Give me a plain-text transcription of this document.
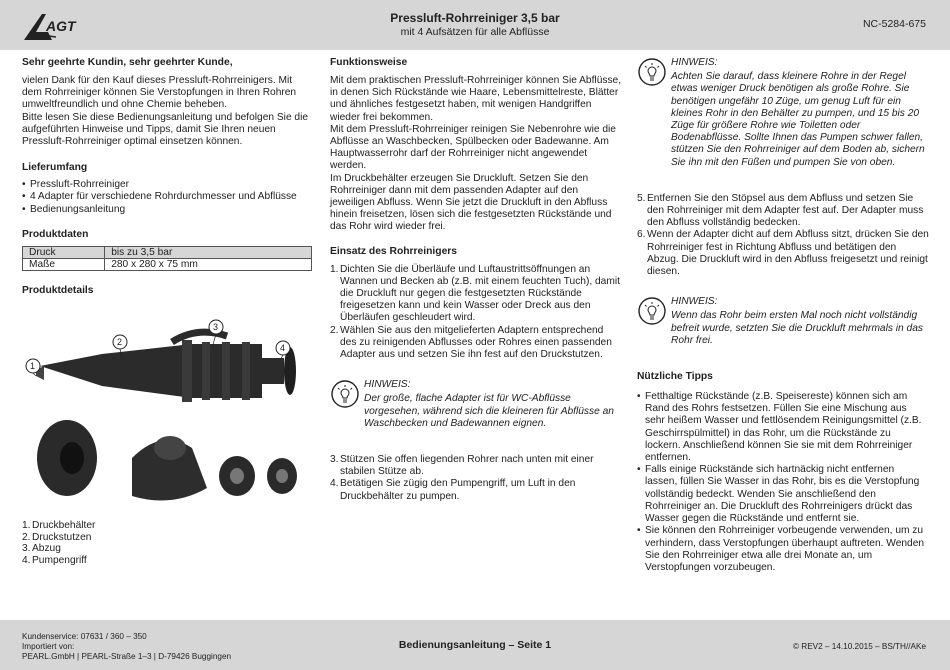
AGT	Pressluft-Rohrreiniger 3,5 bar
mit 4 Aufsätzen für alle Abflüsse
NC-5284-675
Sehr geehrte Kundin, sehr geehrter Kunde,

vielen Dank für den Kauf dieses Pressluft-Rohrreinigers. Mit dem Rohrreiniger können Sie Verstopfungen in Ihren Rohren umweltfreundlich und ohne Chemie beheben.
Bitte lesen Sie diese Bedienungsanleitung und befolgen Sie die aufgeführten Hinweise und Tipps, damit Sie Ihren neuen Pressluft-Rohrreiniger optimal einsetzen können.

Lieferumfang
• Pressluft-Rohrreiniger
• 4 Adapter für verschiedene Rohrdurchmesser und Abflüsse
• Bedienungsanleitung
Produktdaten
Druck	bis zu 3,5 bar
Maße	280 x 280 x 75 mm
Produktdetails
1
2
3
4
1. Druckbehälter
2. Druckstutzen
3. Abzug
4. Pumpengriff
Funktionsweise

Mit dem praktischen Pressluft-Rohrreiniger können Sie Abflüsse, in denen Sich Rückstände wie Haare, Lebensmittelreste, Blätter und ähnliches festgesetzt haben, mit wenigen Handgriffen wieder frei bekommen.
Mit dem Pressluft-Rohrreiniger reinigen Sie Nebenrohre wie die Abflüsse an Waschbecken, Spülbecken oder Badewanne. Am Hauptwasserrohr darf der Rohrreiniger nicht angewendet werden.
Im Druckbehälter erzeugen Sie Druckluft. Setzen Sie den Rohrreiniger dann mit dem passenden Adapter auf den jeweiligen Abfluss. Wenn Sie jetzt die Druckluft in den Abfluss hinein freisetzen, lösen sich die festgesetzten Rückstände und das Rohr wird wieder frei.

Einsatz des Rohrreinigers
1. Dichten Sie die Überläufe und Luftaustrittsöffnungen an Wannen und Becken ab (z.B. mit einem feuchten Tuch), damit die Druckluft nur gegen die festgesetzten Rückstände freigesetzen kann und kein Wasser oder Dreck aus den Überläufen geschleudert wird.
2. Wählen Sie aus den mitgelieferten Adaptern entsprechend des zu reinigenden Abflusses oder Rohres einen passenden Adapter aus und setzen Sie ihn fest auf den Druckstutzen.
HINWEIS:
Der große, flache Adapter ist für WC-Abflüsse vorgesehen, während sich die kleineren für Abflüsse an Waschbecken und Badewannen eignen.
3. Stützen Sie offen liegenden Rohrer nach unten mit einer stabilen Stütze ab.
4. Betätigen Sie zügig den Pumpengriff, um Luft in den Druckbehälter zu pumpen.
HINWEIS:
Achten Sie darauf, dass kleinere Rohre in der Regel etwas weniger Druck benötigen als große Rohre. Sie benötigen ungefähr 10 Züge, um genug Luft für ein kleines Rohr in den Behälter zu pumpen, und 15 bis 20 Züge für größere Rohre wie Toiletten oder Bodenabflüsse. Sollte Ihnen das Pumpen schwer fallen, stützen Sie den Rohrreiniger auf dem Boden ab, sichern Sie ihn mit den Füßen und pumpen Sie von oben.
5. Entfernen Sie den Stöpsel aus dem Abfluss und setzen Sie den Rohrreiniger mit dem Adapter fest auf. Der Adapter muss den Abfluss vollständig bedecken.
6. Wenn der Adapter dicht auf dem Abfluss sitzt, drücken Sie den Rohrreiniger fest in Richtung Abfluss und betätigen den Abzug. Die Druckluft wird in den Abfluss freigesetzt und reinigt diesen.
HINWEIS:
Wenn das Rohr beim ersten Mal noch nicht vollständig befreit wurde, setzten Sie die Druckluft mehrmals in das Rohr frei.
Nützliche Tipps
• Fetthaltige Rückstände (z.B. Speisereste) können sich am Rand des Rohrs festsetzen. Füllen Sie eine Mischung aus sehr heißem Wasser und fettlösendem Reinigungsmittel (z.B. Geschirrspülmittel) in das Rohr, um die Rückstände zu lockern. Anschließend können Sie sie mit dem Rohrreiniger entfernen.
• Falls einige Rückstände sich hartnäckig nicht entfernen lassen, füllen Sie Wasser in das Rohr, bis es die Verstopfung vollständig bedeckt. Wenden Sie anschließend den Rohrreiniger an. Die Druckluft des Rohrreinigers drückt das Wasser gegen die Rückstände und entfernt sie.
• Sie können den Rohrreiniger vorbeugende verwenden, um zu verhindern, dass Verstopfungen überhaupt auftreten. Wenden Sie den Rohrreiniger etwa alle drei Monate an, um Verstopfungen vorzubeugen.
Kundenservice: 07631 / 360 – 350
Importiert von:
PEARL.GmbH | PEARL-Straße 1–3 | D-79426 Buggingen
Bedienungsanleitung – Seite 1	© REV2 – 14.10.2015 – BS/TH//AKe
